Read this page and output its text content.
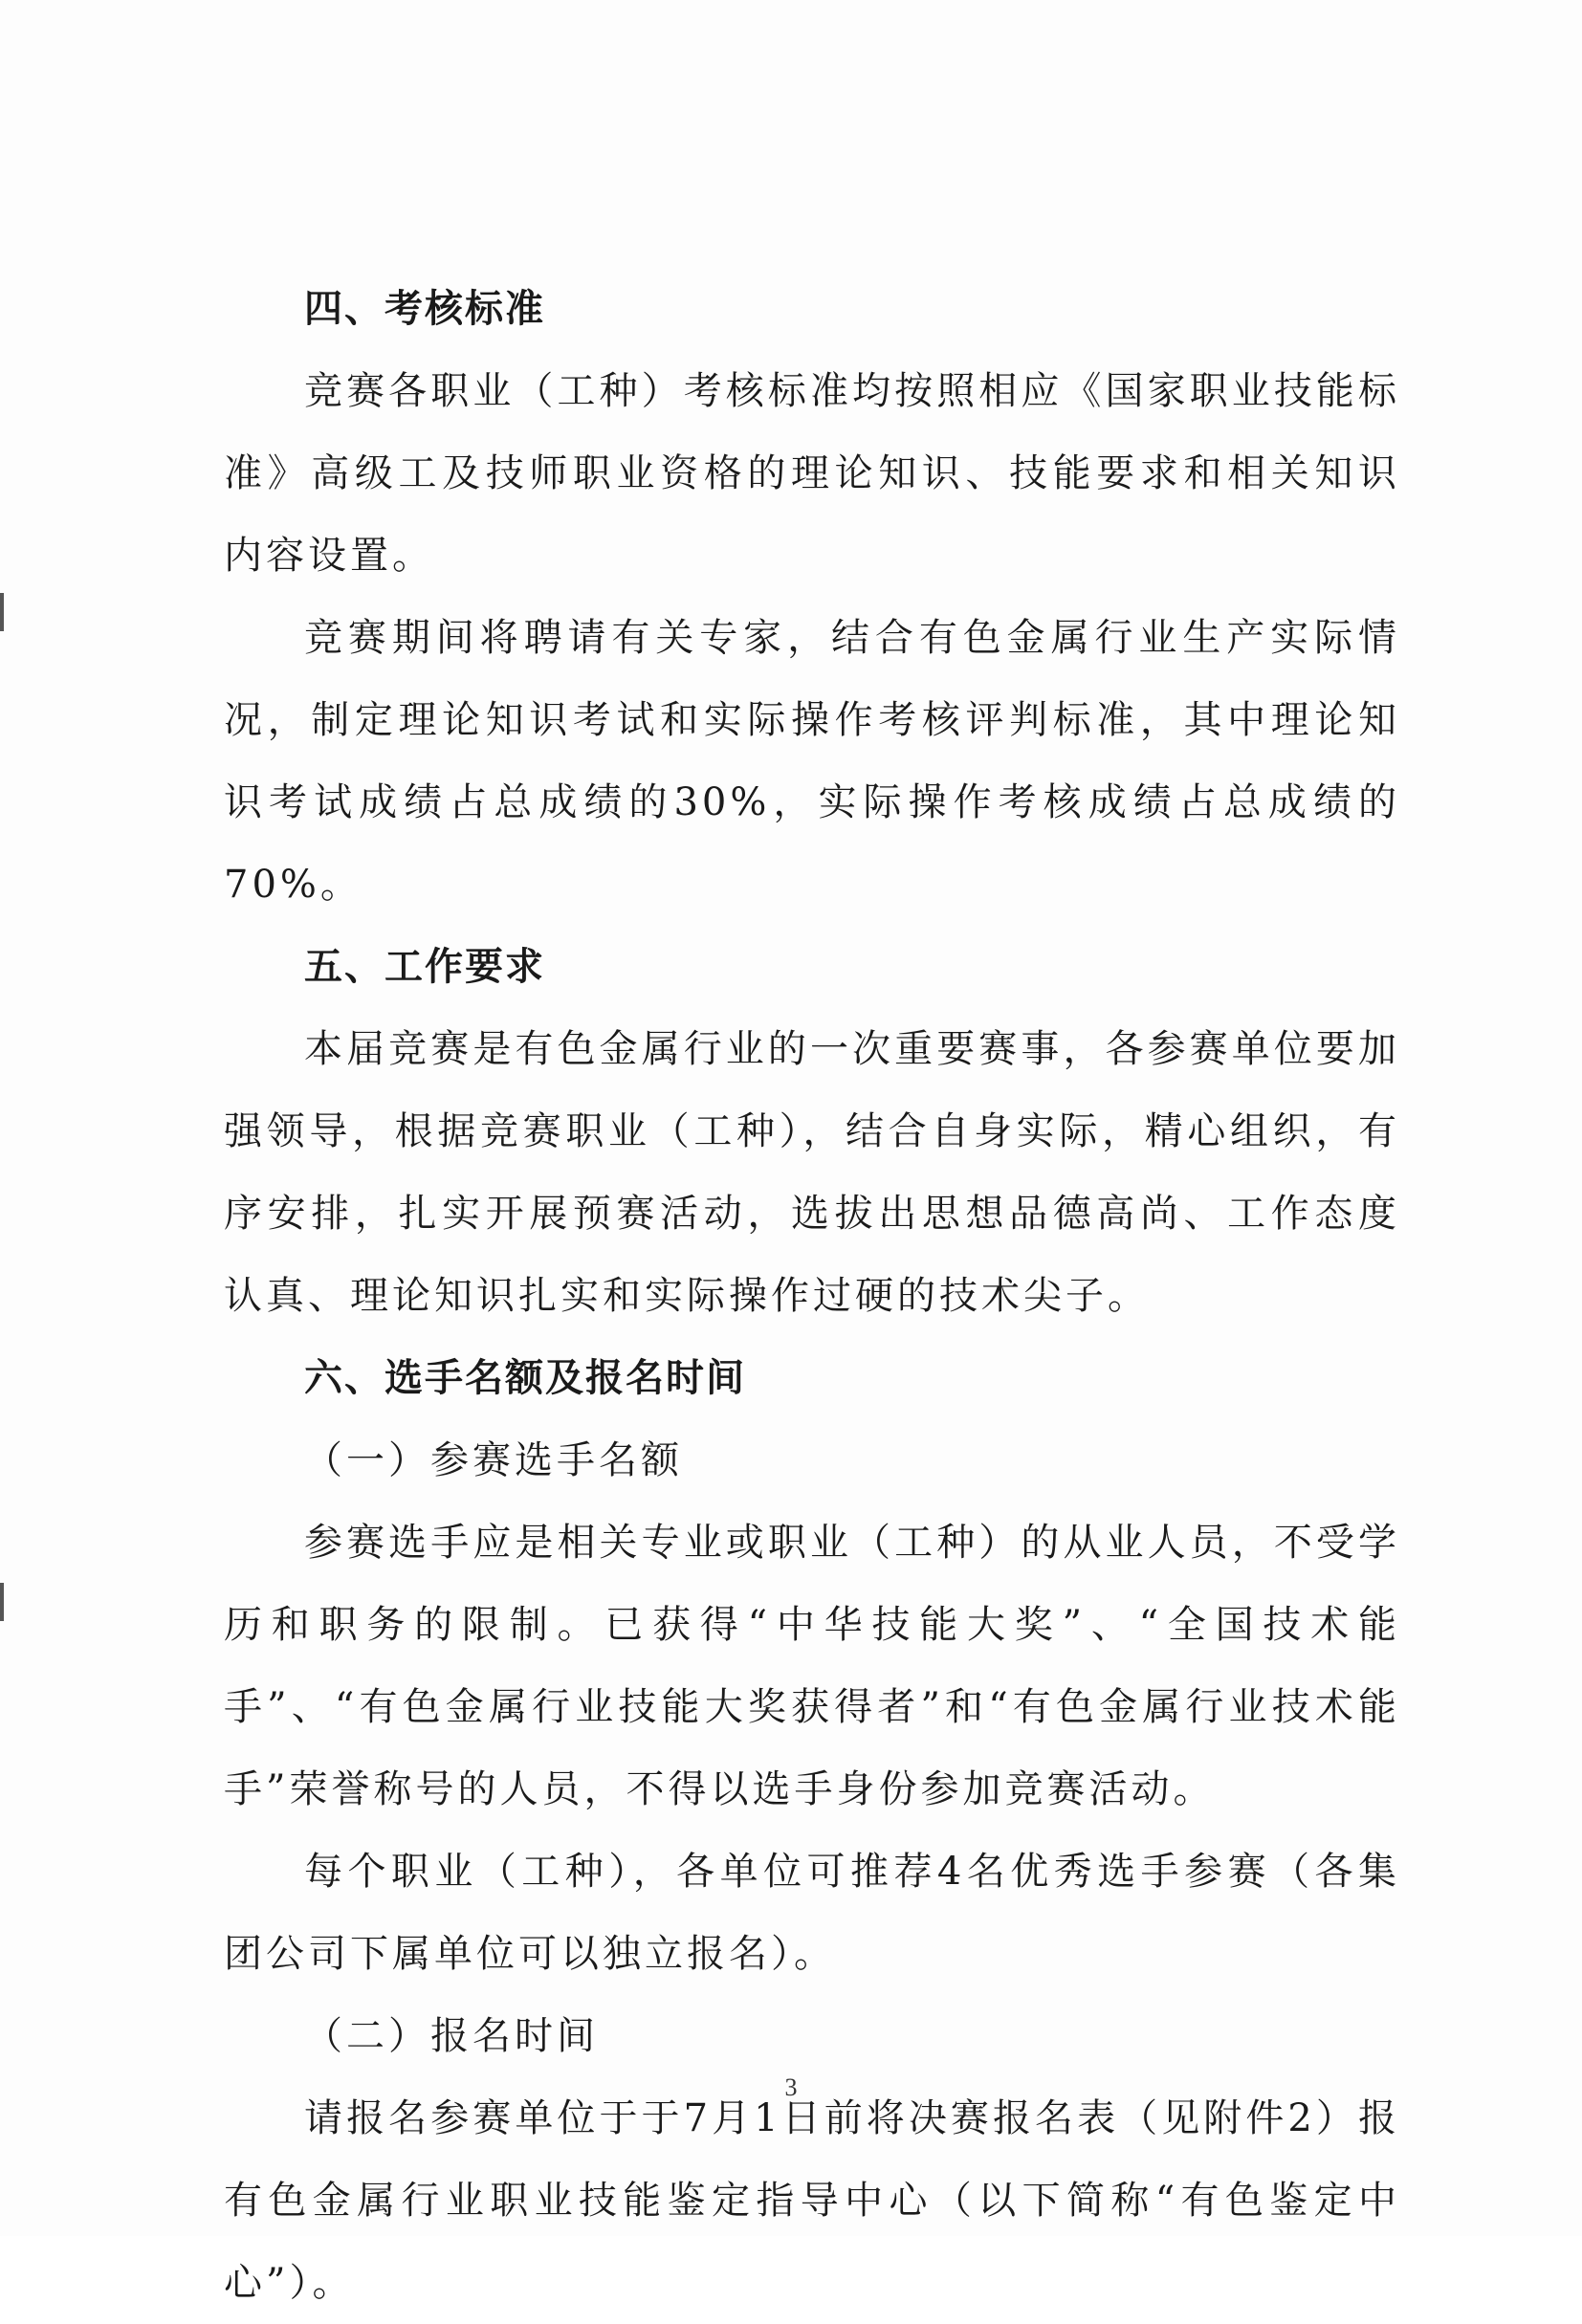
四、考核标准

竞赛各职业（工种）考核标准均按照相应《国家职业技能标准》高级工及技师职业资格的理论知识、技能要求和相关知识内容设置。

竞赛期间将聘请有关专家，结合有色金属行业生产实际情况，制定理论知识考试和实际操作考核评判标准，其中理论知识考试成绩占总成绩的30%，实际操作考核成绩占总成绩的70%。

五、工作要求

本届竞赛是有色金属行业的一次重要赛事，各参赛单位要加强领导，根据竞赛职业（工种），结合自身实际，精心组织，有序安排，扎实开展预赛活动，选拔出思想品德高尚、工作态度认真、理论知识扎实和实际操作过硬的技术尖子。

六、选手名额及报名时间

（一）参赛选手名额

参赛选手应是相关专业或职业（工种）的从业人员，不受学历和职务的限制。已获得“中华技能大奖”、“全国技术能手”、“有色金属行业技能大奖获得者”和“有色金属行业技术能手”荣誉称号的人员，不得以选手身份参加竞赛活动。

每个职业（工种），各单位可推荐4名优秀选手参赛（各集团公司下属单位可以独立报名）。

（二）报名时间

请报名参赛单位于于7月1日前将决赛报名表（见附件2）报有色金属行业职业技能鉴定指导中心（以下简称“有色鉴定中心”）。

3
